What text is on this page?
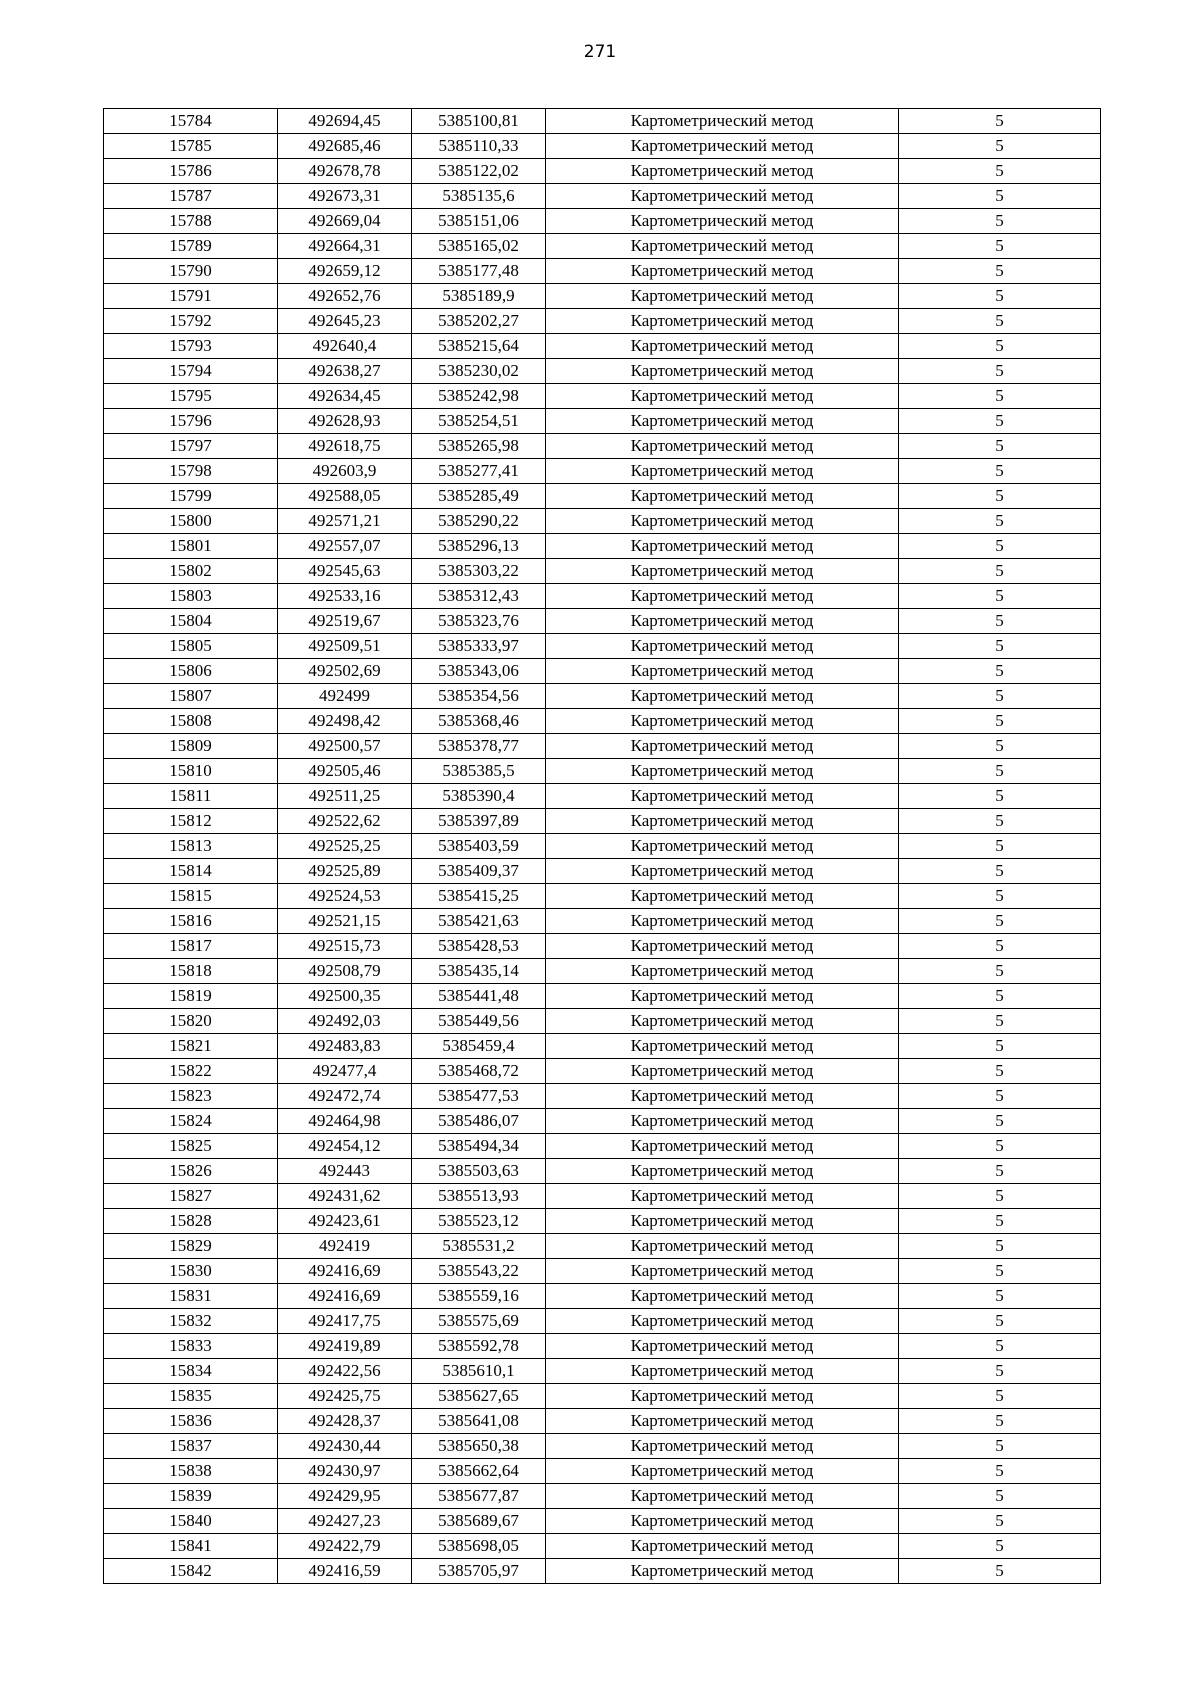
271
15784	492694,45	5385100,81	Картометрический метод	5
15785	492685,46	5385110,33	Картометрический метод	5
15786	492678,78	5385122,02	Картометрический метод	5
15787	492673,31	5385135,6	Картометрический метод	5
15788	492669,04	5385151,06	Картометрический метод	5
15789	492664,31	5385165,02	Картометрический метод	5
15790	492659,12	5385177,48	Картометрический метод	5
15791	492652,76	5385189,9	Картометрический метод	5
15792	492645,23	5385202,27	Картометрический метод	5
15793	492640,4	5385215,64	Картометрический метод	5
15794	492638,27	5385230,02	Картометрический метод	5
15795	492634,45	5385242,98	Картометрический метод	5
15796	492628,93	5385254,51	Картометрический метод	5
15797	492618,75	5385265,98	Картометрический метод	5
15798	492603,9	5385277,41	Картометрический метод	5
15799	492588,05	5385285,49	Картометрический метод	5
15800	492571,21	5385290,22	Картометрический метод	5
15801	492557,07	5385296,13	Картометрический метод	5
15802	492545,63	5385303,22	Картометрический метод	5
15803	492533,16	5385312,43	Картометрический метод	5
15804	492519,67	5385323,76	Картометрический метод	5
15805	492509,51	5385333,97	Картометрический метод	5
15806	492502,69	5385343,06	Картометрический метод	5
15807	492499	5385354,56	Картометрический метод	5
15808	492498,42	5385368,46	Картометрический метод	5
15809	492500,57	5385378,77	Картометрический метод	5
15810	492505,46	5385385,5	Картометрический метод	5
15811	492511,25	5385390,4	Картометрический метод	5
15812	492522,62	5385397,89	Картометрический метод	5
15813	492525,25	5385403,59	Картометрический метод	5
15814	492525,89	5385409,37	Картометрический метод	5
15815	492524,53	5385415,25	Картометрический метод	5
15816	492521,15	5385421,63	Картометрический метод	5
15817	492515,73	5385428,53	Картометрический метод	5
15818	492508,79	5385435,14	Картометрический метод	5
15819	492500,35	5385441,48	Картометрический метод	5
15820	492492,03	5385449,56	Картометрический метод	5
15821	492483,83	5385459,4	Картометрический метод	5
15822	492477,4	5385468,72	Картометрический метод	5
15823	492472,74	5385477,53	Картометрический метод	5
15824	492464,98	5385486,07	Картометрический метод	5
15825	492454,12	5385494,34	Картометрический метод	5
15826	492443	5385503,63	Картометрический метод	5
15827	492431,62	5385513,93	Картометрический метод	5
15828	492423,61	5385523,12	Картометрический метод	5
15829	492419	5385531,2	Картометрический метод	5
15830	492416,69	5385543,22	Картометрический метод	5
15831	492416,69	5385559,16	Картометрический метод	5
15832	492417,75	5385575,69	Картометрический метод	5
15833	492419,89	5385592,78	Картометрический метод	5
15834	492422,56	5385610,1	Картометрический метод	5
15835	492425,75	5385627,65	Картометрический метод	5
15836	492428,37	5385641,08	Картометрический метод	5
15837	492430,44	5385650,38	Картометрический метод	5
15838	492430,97	5385662,64	Картометрический метод	5
15839	492429,95	5385677,87	Картометрический метод	5
15840	492427,23	5385689,67	Картометрический метод	5
15841	492422,79	5385698,05	Картометрический метод	5
15842	492416,59	5385705,97	Картометрический метод	5
